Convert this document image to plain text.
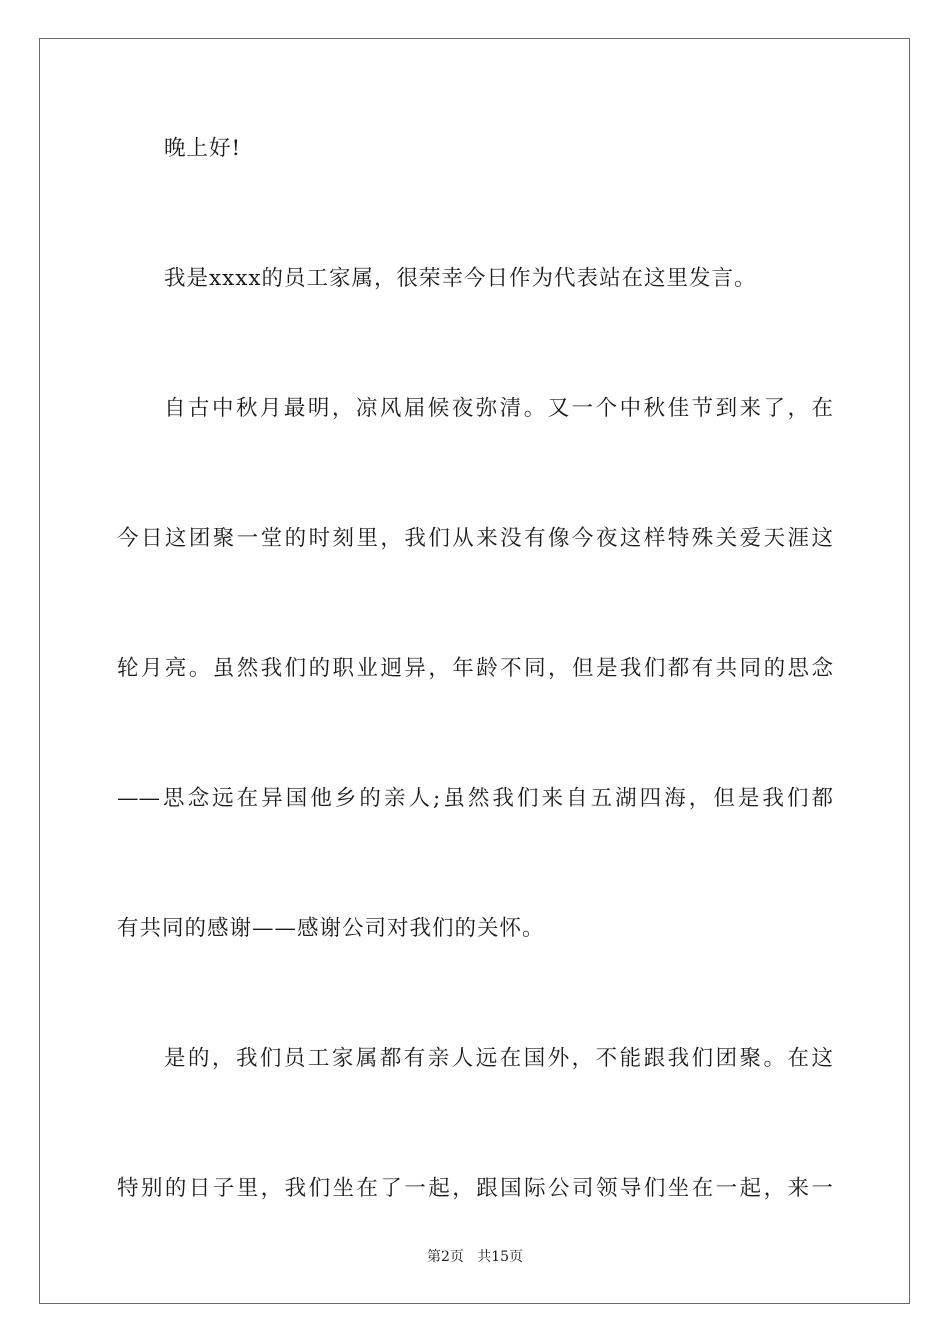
晚上好!
我是xxxx的员工家属，很荣幸今日作为代表站在这里发言。
自古中秋月最明，凉风届候夜弥清。又一个中秋佳节到来了，在
今日这团聚一堂的时刻里，我们从来没有像今夜这样特殊关爱天涯这
轮月亮。虽然我们的职业迥异，年龄不同，但是我们都有共同的思念
——思念远在异国他乡的亲人;虽然我们来自五湖四海，但是我们都
有共同的感谢——感谢公司对我们的关怀。
是的，我们员工家属都有亲人远在国外，不能跟我们团聚。在这
特别的日子里，我们坐在了一起，跟国际公司领导们坐在一起，来一
第2页   共15页
